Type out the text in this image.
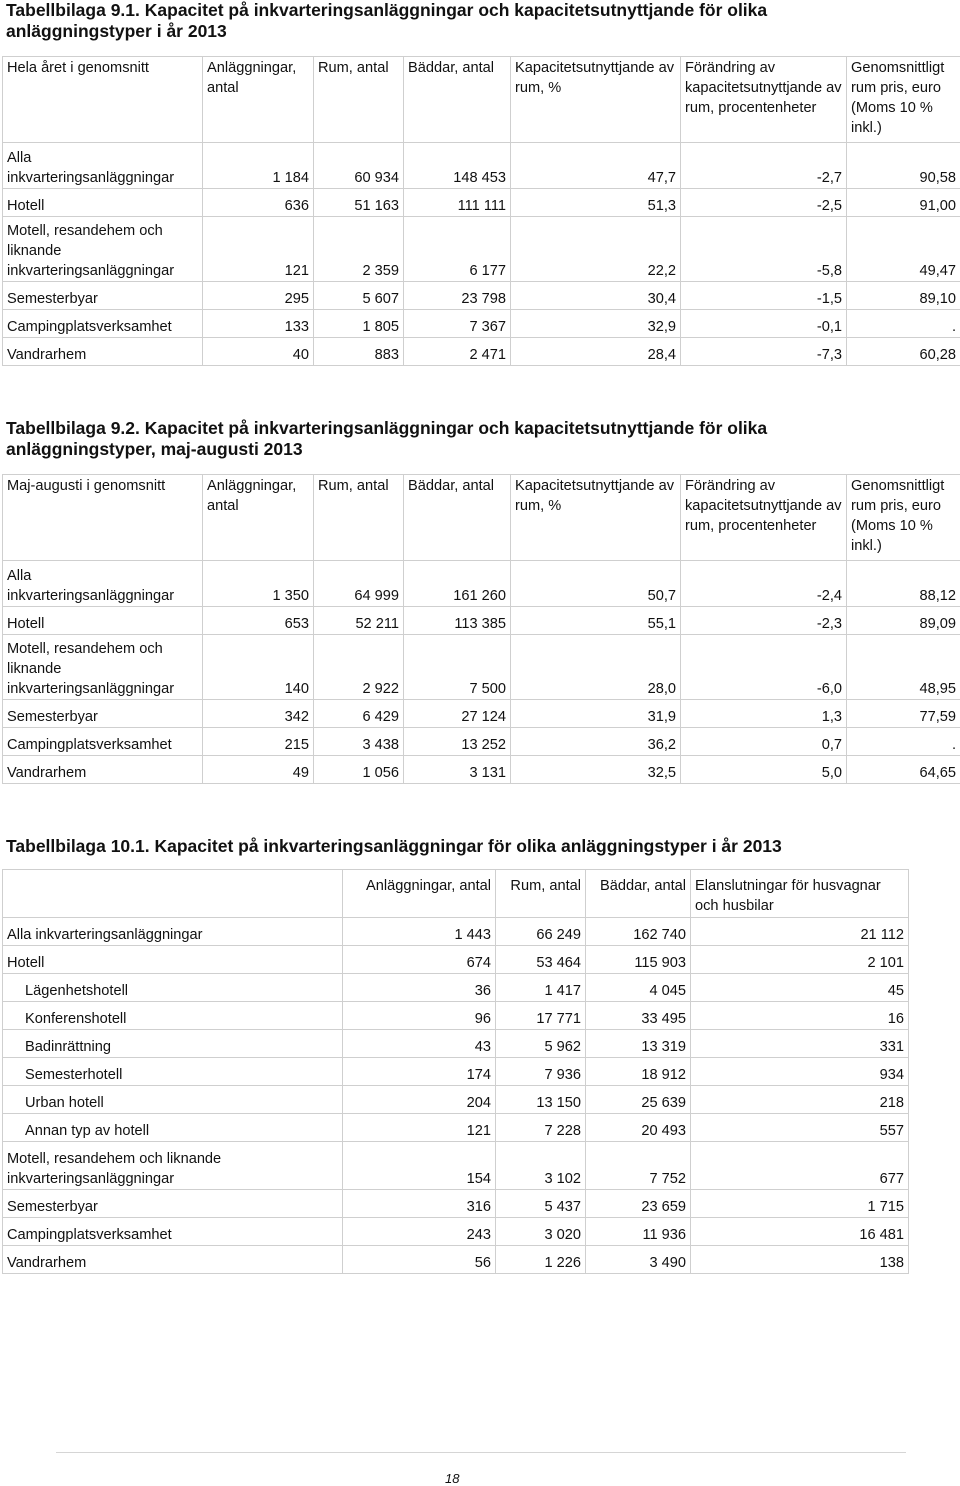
Tabellbilaga 9.1. Kapacitet på inkvarteringsanläggningar och kapacitetsutnyttjande för olika anläggningstyper i år 2013

Hela året i genomsnitt	Anläggningar, antal	Rum, antal	Bäddar, antal	Kapacitetsutnyttjande av rum, %	Förändring av kapacitetsutnyttjande av rum, procentenheter	Genomsnittligt rum pris, euro (Moms 10 % inkl.)
Alla inkvarteringsanläggningar	1 184	60 934	148 453	47,7	-2,7	90,58
Hotell	636	51 163	111 111	51,3	-2,5	91,00
Motell, resandehem och liknande inkvarteringsanläggningar	121	2 359	6 177	22,2	-5,8	49,47
Semesterbyar	295	5 607	23 798	30,4	-1,5	89,10
Campingplatsverksamhet	133	1 805	7 367	32,9	-0,1	.
Vandrarhem	40	883	2 471	28,4	-7,3	60,28

Tabellbilaga 9.2. Kapacitet på inkvarteringsanläggningar och kapacitetsutnyttjande för olika anläggningstyper, maj-augusti 2013

Maj-augusti i genomsnitt	Anläggningar, antal	Rum, antal	Bäddar, antal	Kapacitetsutnyttjande av rum, %	Förändring av kapacitetsutnyttjande av rum, procentenheter	Genomsnittligt rum pris, euro (Moms 10 % inkl.)
Alla inkvarteringsanläggningar	1 350	64 999	161 260	50,7	-2,4	88,12
Hotell	653	52 211	113 385	55,1	-2,3	89,09
Motell, resandehem och liknande inkvarteringsanläggningar	140	2 922	7 500	28,0	-6,0	48,95
Semesterbyar	342	6 429	27 124	31,9	1,3	77,59
Campingplatsverksamhet	215	3 438	13 252	36,2	0,7	.
Vandrarhem	49	1 056	3 131	32,5	5,0	64,65

Tabellbilaga 10.1. Kapacitet på inkvarteringsanläggningar för olika anläggningstyper i år 2013

	Anläggningar, antal	Rum, antal	Bäddar, antal	Elanslutningar för husvagnar och husbilar
Alla inkvarteringsanläggningar	1 443	66 249	162 740	21 112
Hotell	674	53 464	115 903	2 101
Lägenhetshotell	36	1 417	4 045	45
Konferenshotell	96	17 771	33 495	16
Badinrättning	43	5 962	13 319	331
Semesterhotell	174	7 936	18 912	934
Urban hotell	204	13 150	25 639	218
Annan typ av hotell	121	7 228	20 493	557
Motell, resandehem och liknande inkvarteringsanläggningar	154	3 102	7 752	677
Semesterbyar	316	5 437	23 659	1 715
Campingplatsverksamhet	243	3 020	11 936	16 481
Vandrarhem	56	1 226	3 490	138
18
